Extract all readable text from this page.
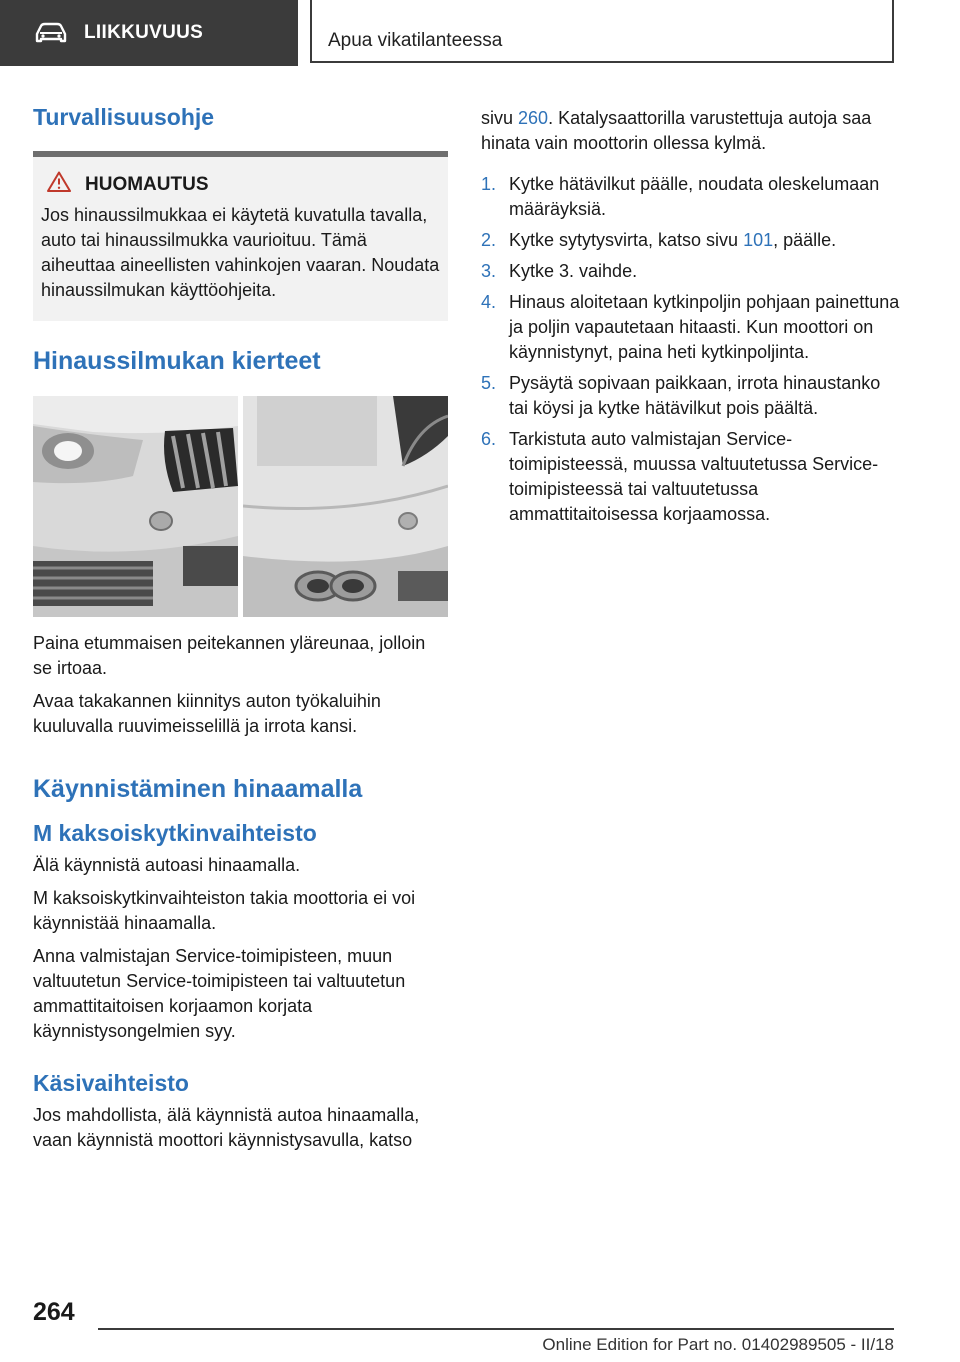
LIIKKUVUUS	Apua vikatilanteessa
Turvallisuusohje
HUOMAUTUS

Jos hinaussilmukkaa ei käytetä kuvatulla tavalla, auto tai hinaussilmukka vaurioituu. Tämä aiheuttaa aineellisten vahinkojen vaaran. Noudata hinaussilmukan käyttöohjeita.

Hinaussilmukan kierteet

Paina etummaisen peitekannen yläreunaa, jolloin se irtoaa.

Avaa takakannen kiinnitys auton työkaluihin kuuluvalla ruuvimeisselillä ja irrota kansi.

Käynnistäminen hinaamalla
M kaksoiskytkinvaihteisto

Älä käynnistä autoasi hinaamalla.

M kaksoiskytkinvaihteiston takia moottoria ei voi käynnistää hinaamalla.

Anna valmistajan Service-toimipisteen, muun valtuutetun Service-toimipisteen tai valtuutetun ammattitaitoisen korjaamon korjata käynnistysongelmien syy.

Käsivaihteisto

Jos mahdollista, älä käynnistä autoa hinaamalla, vaan käynnistä moottori käynnistysavulla, katso

sivu 260. Katalysaattorilla varustettuja autoja saa hinata vain moottorin ollessa kylmä.

1. Kytke hätävilkut päälle, noudata oleskelumaan määräyksiä.
2. Kytke sytytysvirta, katso sivu 101, päälle.
3. Kytke 3. vaihde.
4. Hinaus aloitetaan kytkinpoljin pohjaan painettuna ja poljin vapautetaan hitaasti. Kun moottori on käynnistynyt, paina heti kytkinpoljinta.
5. Pysäytä sopivaan paikkaan, irrota hinaustanko tai köysi ja kytke hätävilkut pois päältä.
6. Tarkistuta auto valmistajan Service-toimipisteessä, muussa valtuutetussa Service-toimipisteessä tai valtuutetussa ammattitaitoisessa korjaamossa.
264
Online Edition for Part no. 01402989505 - II/18
